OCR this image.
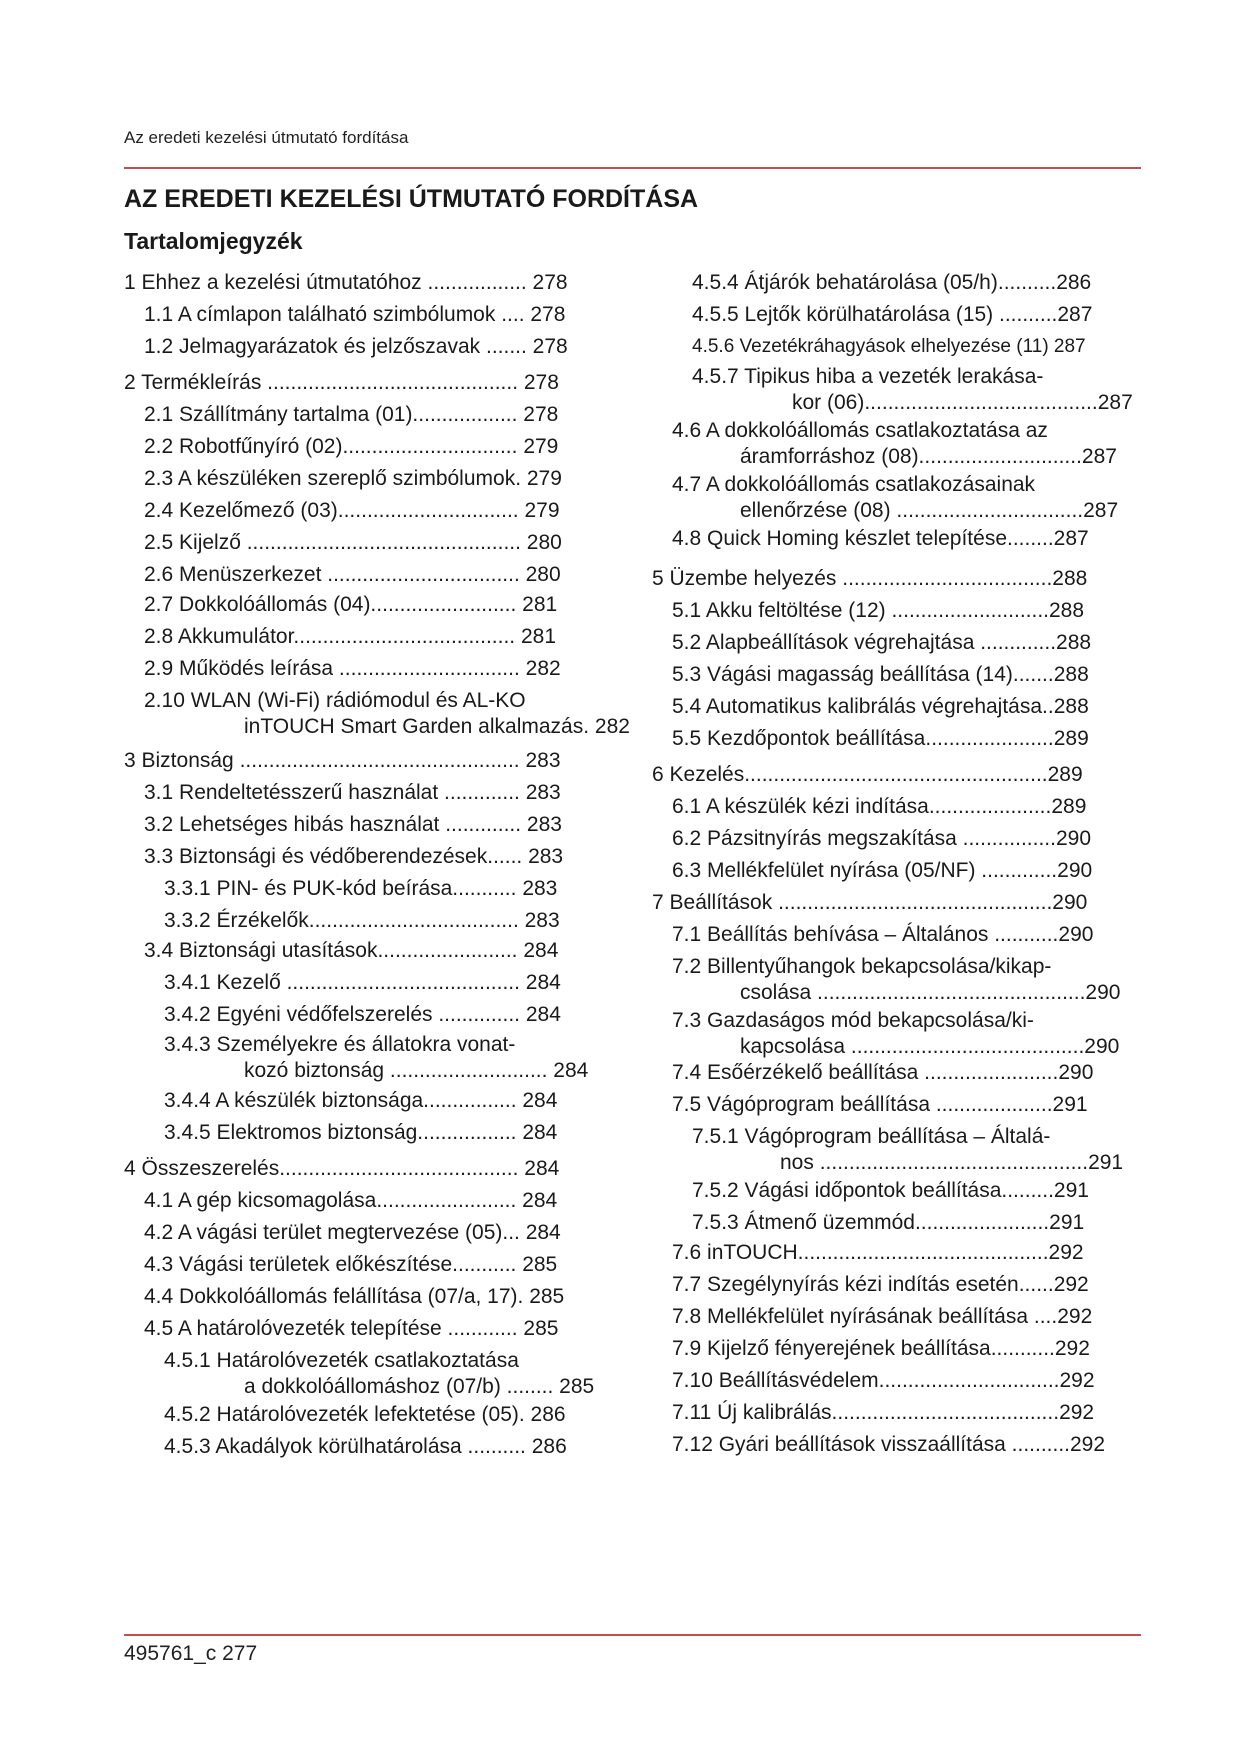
Az eredeti kezelési útmutató fordítása
AZ EREDETI KEZELÉSI ÚTMUTATÓ FORDÍTÁSA
Tartalomjegyzék
1 Ehhez a kezelési útmutatóhoz ................. 278
1.1 A címlapon található szimbólumok .... 278
1.2 Jelmagyarázatok és jelzőszavak ....... 278
2 Termékleírás ........................................... 278
2.1 Szállítmány tartalma (01).................. 278
2.2 Robotfűnyíró (02).............................. 279
2.3 A készüléken szereplő szimbólumok. 279
2.4 Kezelőmező (03)............................... 279
2.5 Kijelző ............................................... 280
2.6 Menüszerkezet ................................. 280
2.7 Dokkolóállomás (04)......................... 281
2.8 Akkumulátor...................................... 281
2.9 Működés leírása ............................... 282
2.10 WLAN (Wi-Fi) rádiómodul és AL-KO
inTOUCH Smart Garden alkalmazás. 282
3 Biztonság ................................................ 283
3.1 Rendeltetésszerű használat ............. 283
3.2 Lehetséges hibás használat ............. 283
3.3 Biztonsági és védőberendezések...... 283
3.3.1 PIN- és PUK-kód beírása........... 283
3.3.2 Érzékelők.................................... 283
3.4 Biztonsági utasítások........................ 284
3.4.1 Kezelő ........................................ 284
3.4.2 Egyéni védőfelszerelés .............. 284
3.4.3 Személyekre és állatokra vonat-
kozó biztonság ........................... 284
3.4.4 A készülék biztonsága................ 284
3.4.5 Elektromos biztonság................. 284
4 Összeszerelés......................................... 284
4.1 A gép kicsomagolása........................ 284
4.2 A vágási terület megtervezése (05)... 284
4.3 Vágási területek előkészítése........... 285
4.4 Dokkolóállomás felállítása (07/a, 17). 285
4.5 A határolóvezeték telepítése ............ 285
4.5.1 Határolóvezeték csatlakoztatása
a dokkolóállomáshoz (07/b) ........ 285
4.5.2 Határolóvezeték lefektetése (05). 286
4.5.3 Akadályok körülhatárolása .......... 286
4.5.4 Átjárók behatárolása (05/h)..........286
4.5.5 Lejtők körülhatárolása (15) ..........287
4.5.6 Vezetékráhagyások elhelyezése (11) 287
4.5.7 Tipikus hiba a vezeték lerakása-
kor (06)........................................287
4.6 A dokkolóállomás csatlakoztatása az
áramforráshoz (08)............................287
4.7 A dokkolóállomás csatlakozásainak
ellenőrzése (08) ................................287
4.8 Quick Homing készlet telepítése........287
5 Üzembe helyezés ....................................288
5.1 Akku feltöltése (12) ...........................288
5.2 Alapbeállítások végrehajtása .............288
5.3 Vágási magasság beállítása (14).......288
5.4 Automatikus kalibrálás végrehajtása..288
5.5 Kezdőpontok beállítása......................289
6 Kezelés....................................................289
6.1 A készülék kézi indítása.....................289
6.2 Pázsitnyírás megszakítása ................290
6.3 Mellékfelület nyírása (05/NF) .............290
7 Beállítások ...............................................290
7.1 Beállítás behívása – Általános ...........290
7.2 Billentyűhangok bekapcsolása/kikap-
csolása ..............................................290
7.3 Gazdaságos mód bekapcsolása/ki-
kapcsolása ........................................290
7.4 Esőérzékelő beállítása .......................290
7.5 Vágóprogram beállítása ....................291
7.5.1 Vágóprogram beállítása – Általá-
nos ..............................................291
7.5.2 Vágási időpontok beállítása.........291
7.5.3 Átmenő üzemmód.......................291
7.6 inTOUCH...........................................292
7.7 Szegélynyírás kézi indítás esetén......292
7.8 Mellékfelület nyírásának beállítása ....292
7.9 Kijelző fényerejének beállítása...........292
7.10 Beállításvédelem...............................292
7.11 Új kalibrálás.......................................292
7.12 Gyári beállítások visszaállítása ..........292
495761_c 277
